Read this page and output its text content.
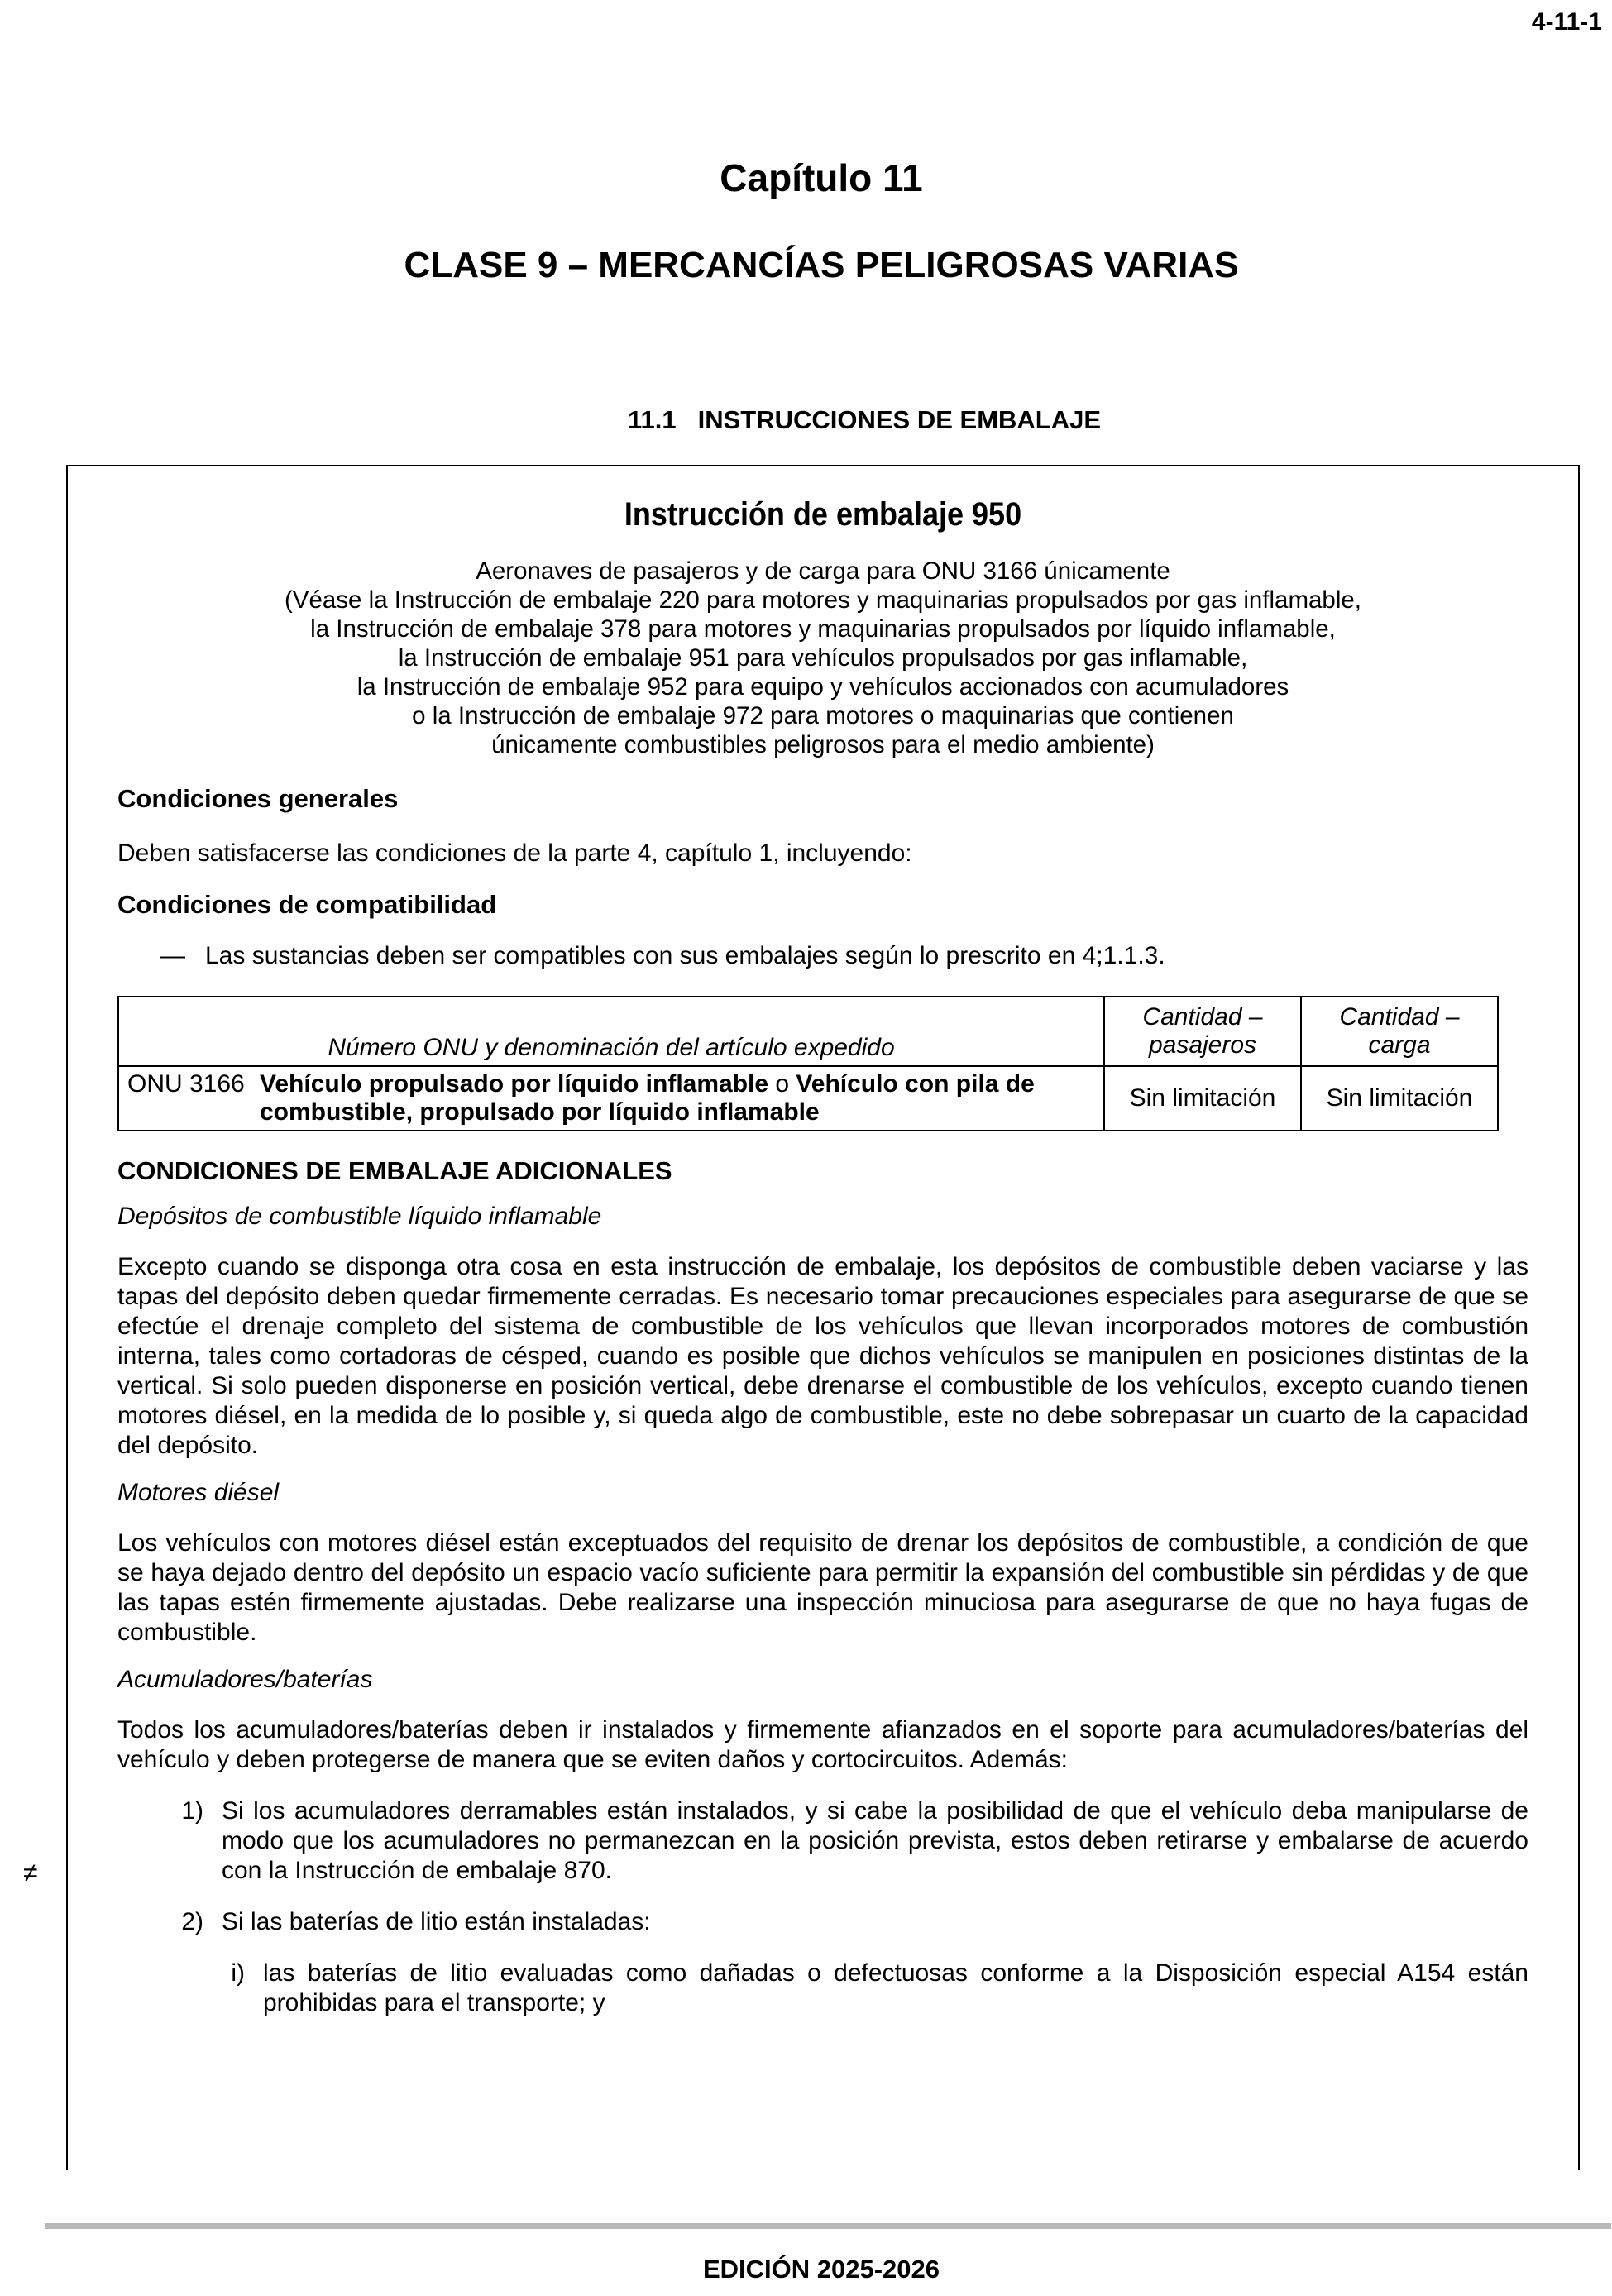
4-11-1
Capítulo 11
CLASE 9 – MERCANCÍAS PELIGROSAS VARIAS
11.1 INSTRUCCIONES DE EMBALAJE
≠
Instrucción de embalaje 950
Aeronaves de pasajeros y de carga para ONU 3166 únicamente
(Véase la Instrucción de embalaje 220 para motores y maquinarias propulsados por gas inflamable,
la Instrucción de embalaje 378 para motores y maquinarias propulsados por líquido inflamable,
la Instrucción de embalaje 951 para vehículos propulsados por gas inflamable,
la Instrucción de embalaje 952 para equipo y vehículos accionados con acumuladores
o la Instrucción de embalaje 972 para motores o maquinarias que contienen
únicamente combustibles peligrosos para el medio ambiente)
Condiciones generales
Deben satisfacerse las condiciones de la parte 4, capítulo 1, incluyendo:
Condiciones de compatibilidad
— Las sustancias deben ser compatibles con sus embalajes según lo prescrito en 4;1.1.3.
Número ONU y denominación del artículo expedido		Cantidad – pasajeros	Cantidad – carga
ONU 3166	Vehículo propulsado por líquido inflamable o Vehículo con pila de combustible, propulsado por líquido inflamable	Sin limitación	Sin limitación
CONDICIONES DE EMBALAJE ADICIONALES
Depósitos de combustible líquido inflamable
Excepto cuando se disponga otra cosa en esta instrucción de embalaje, los depósitos de combustible deben vaciarse y las tapas del depósito deben quedar firmemente cerradas. Es necesario tomar precauciones especiales para asegurarse de que se efectúe el drenaje completo del sistema de combustible de los vehículos que llevan incorporados motores de combustión interna, tales como cortadoras de césped, cuando es posible que dichos vehículos se manipulen en posiciones distintas de la vertical. Si solo pueden disponerse en posición vertical, debe drenarse el combustible de los vehículos, excepto cuando tienen motores diésel, en la medida de lo posible y, si queda algo de combustible, este no debe sobrepasar un cuarto de la capacidad del depósito.
Motores diésel
Los vehículos con motores diésel están exceptuados del requisito de drenar los depósitos de combustible, a condición de que se haya dejado dentro del depósito un espacio vacío suficiente para permitir la expansión del combustible sin pérdidas y de que las tapas estén firmemente ajustadas. Debe realizarse una inspección minuciosa para asegurarse de que no haya fugas de combustible.
Acumuladores/baterías
Todos los acumuladores/baterías deben ir instalados y firmemente afianzados en el soporte para acumuladores/baterías del vehículo y deben protegerse de manera que se eviten daños y cortocircuitos. Además:
1) Si los acumuladores derramables están instalados, y si cabe la posibilidad de que el vehículo deba manipularse de modo que los acumuladores no permanezcan en la posición prevista, estos deben retirarse y embalarse de acuerdo con la Instrucción de embalaje 870.
2) Si las baterías de litio están instaladas:
i) las baterías de litio evaluadas como dañadas o defectuosas conforme a la Disposición especial A154 están prohibidas para el transporte; y
EDICIÓN 2025-2026
